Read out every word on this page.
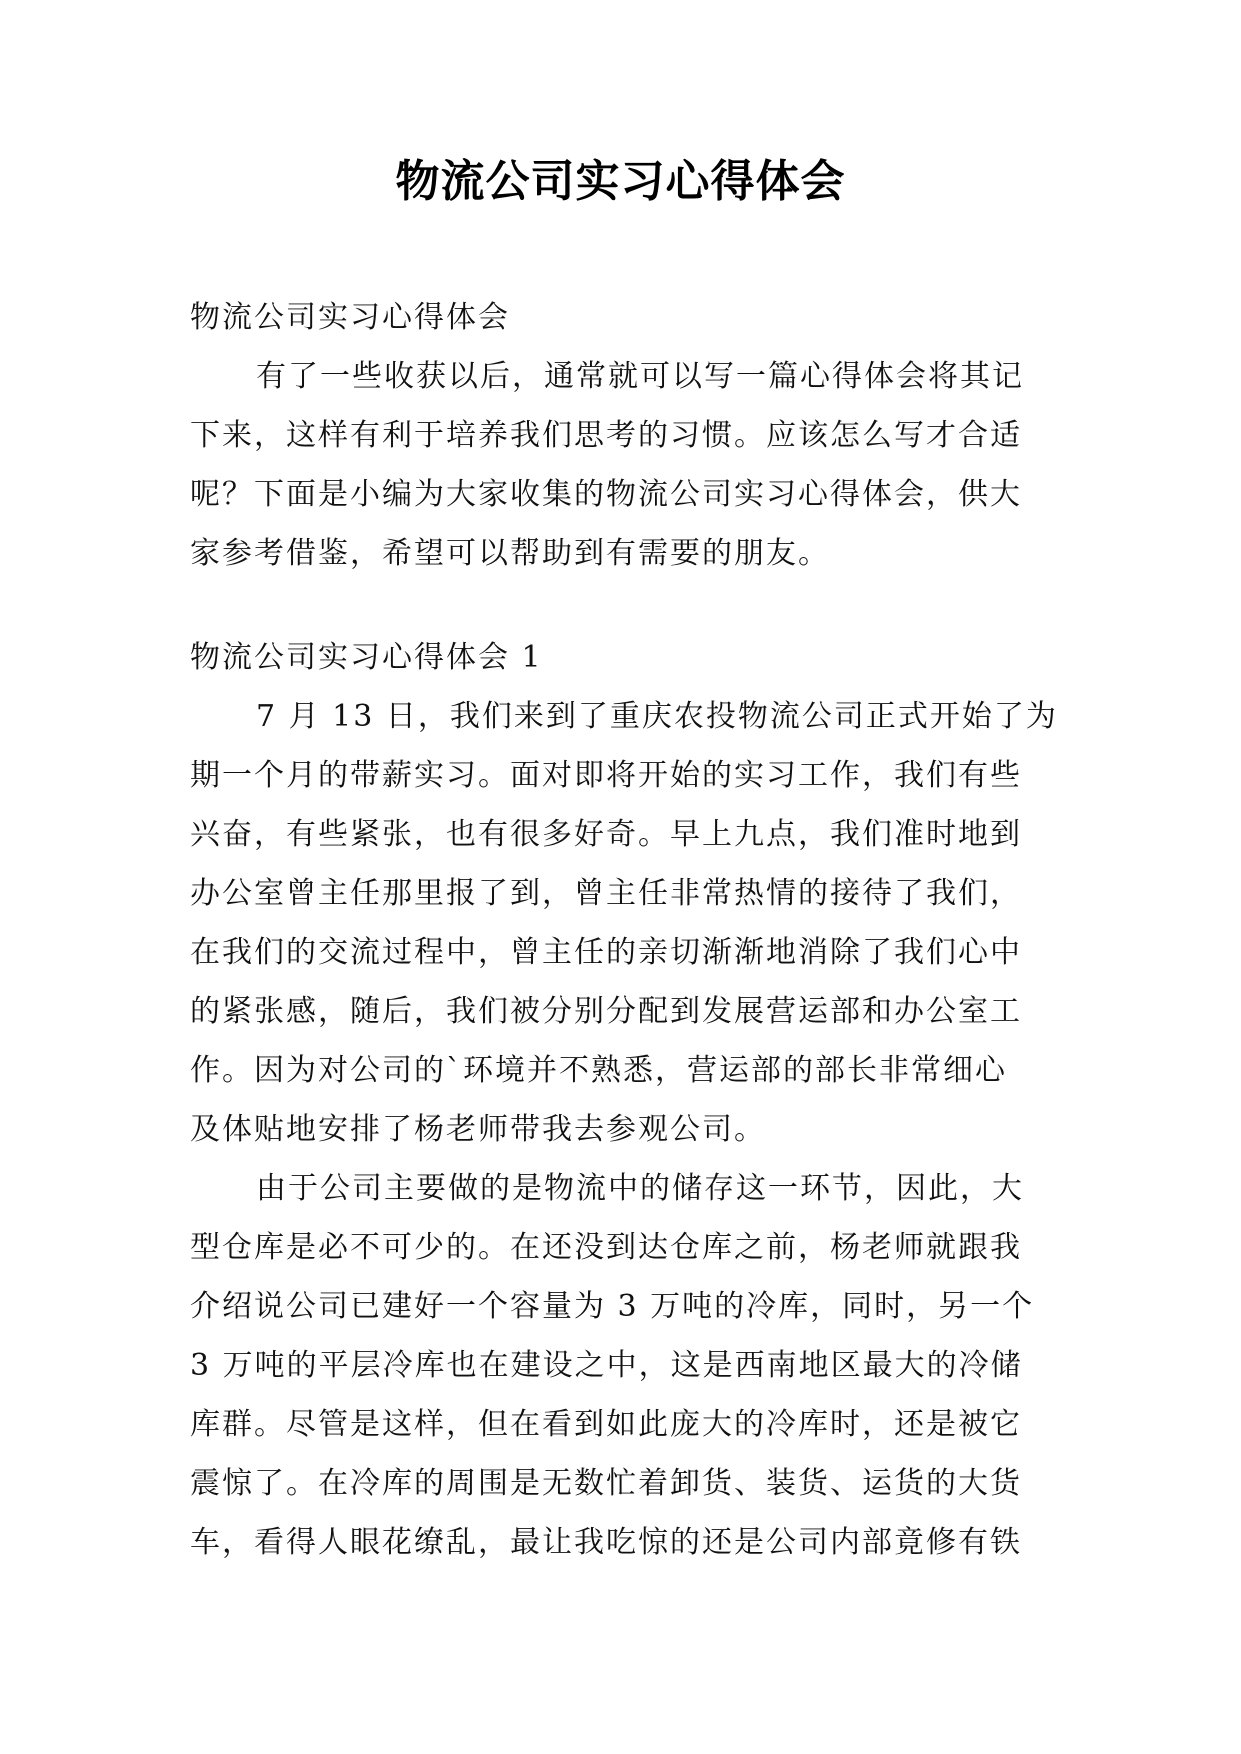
物流公司实习心得体会
物流公司实习心得体会
有了一些收获以后，通常就可以写一篇心得体会将其记
下来，这样有利于培养我们思考的习惯。应该怎么写才合适
呢？下面是小编为大家收集的物流公司实习心得体会，供大
家参考借鉴，希望可以帮助到有需要的朋友。
物流公司实习心得体会 1
7 月 13 日，我们来到了重庆农投物流公司正式开始了为
期一个月的带薪实习。面对即将开始的实习工作，我们有些
兴奋，有些紧张，也有很多好奇。早上九点，我们准时地到
办公室曾主任那里报了到，曾主任非常热情的接待了我们，
在我们的交流过程中，曾主任的亲切渐渐地消除了我们心中
的紧张感，随后，我们被分别分配到发展营运部和办公室工
作。因为对公司的`环境并不熟悉，营运部的部长非常细心
及体贴地安排了杨老师带我去参观公司。
由于公司主要做的是物流中的储存这一环节，因此，大
型仓库是必不可少的。在还没到达仓库之前，杨老师就跟我
介绍说公司已建好一个容量为 3 万吨的冷库，同时，另一个
3 万吨的平层冷库也在建设之中，这是西南地区最大的冷储
库群。尽管是这样，但在看到如此庞大的冷库时，还是被它
震惊了。在冷库的周围是无数忙着卸货、装货、运货的大货
车，看得人眼花缭乱，最让我吃惊的还是公司内部竟修有铁
